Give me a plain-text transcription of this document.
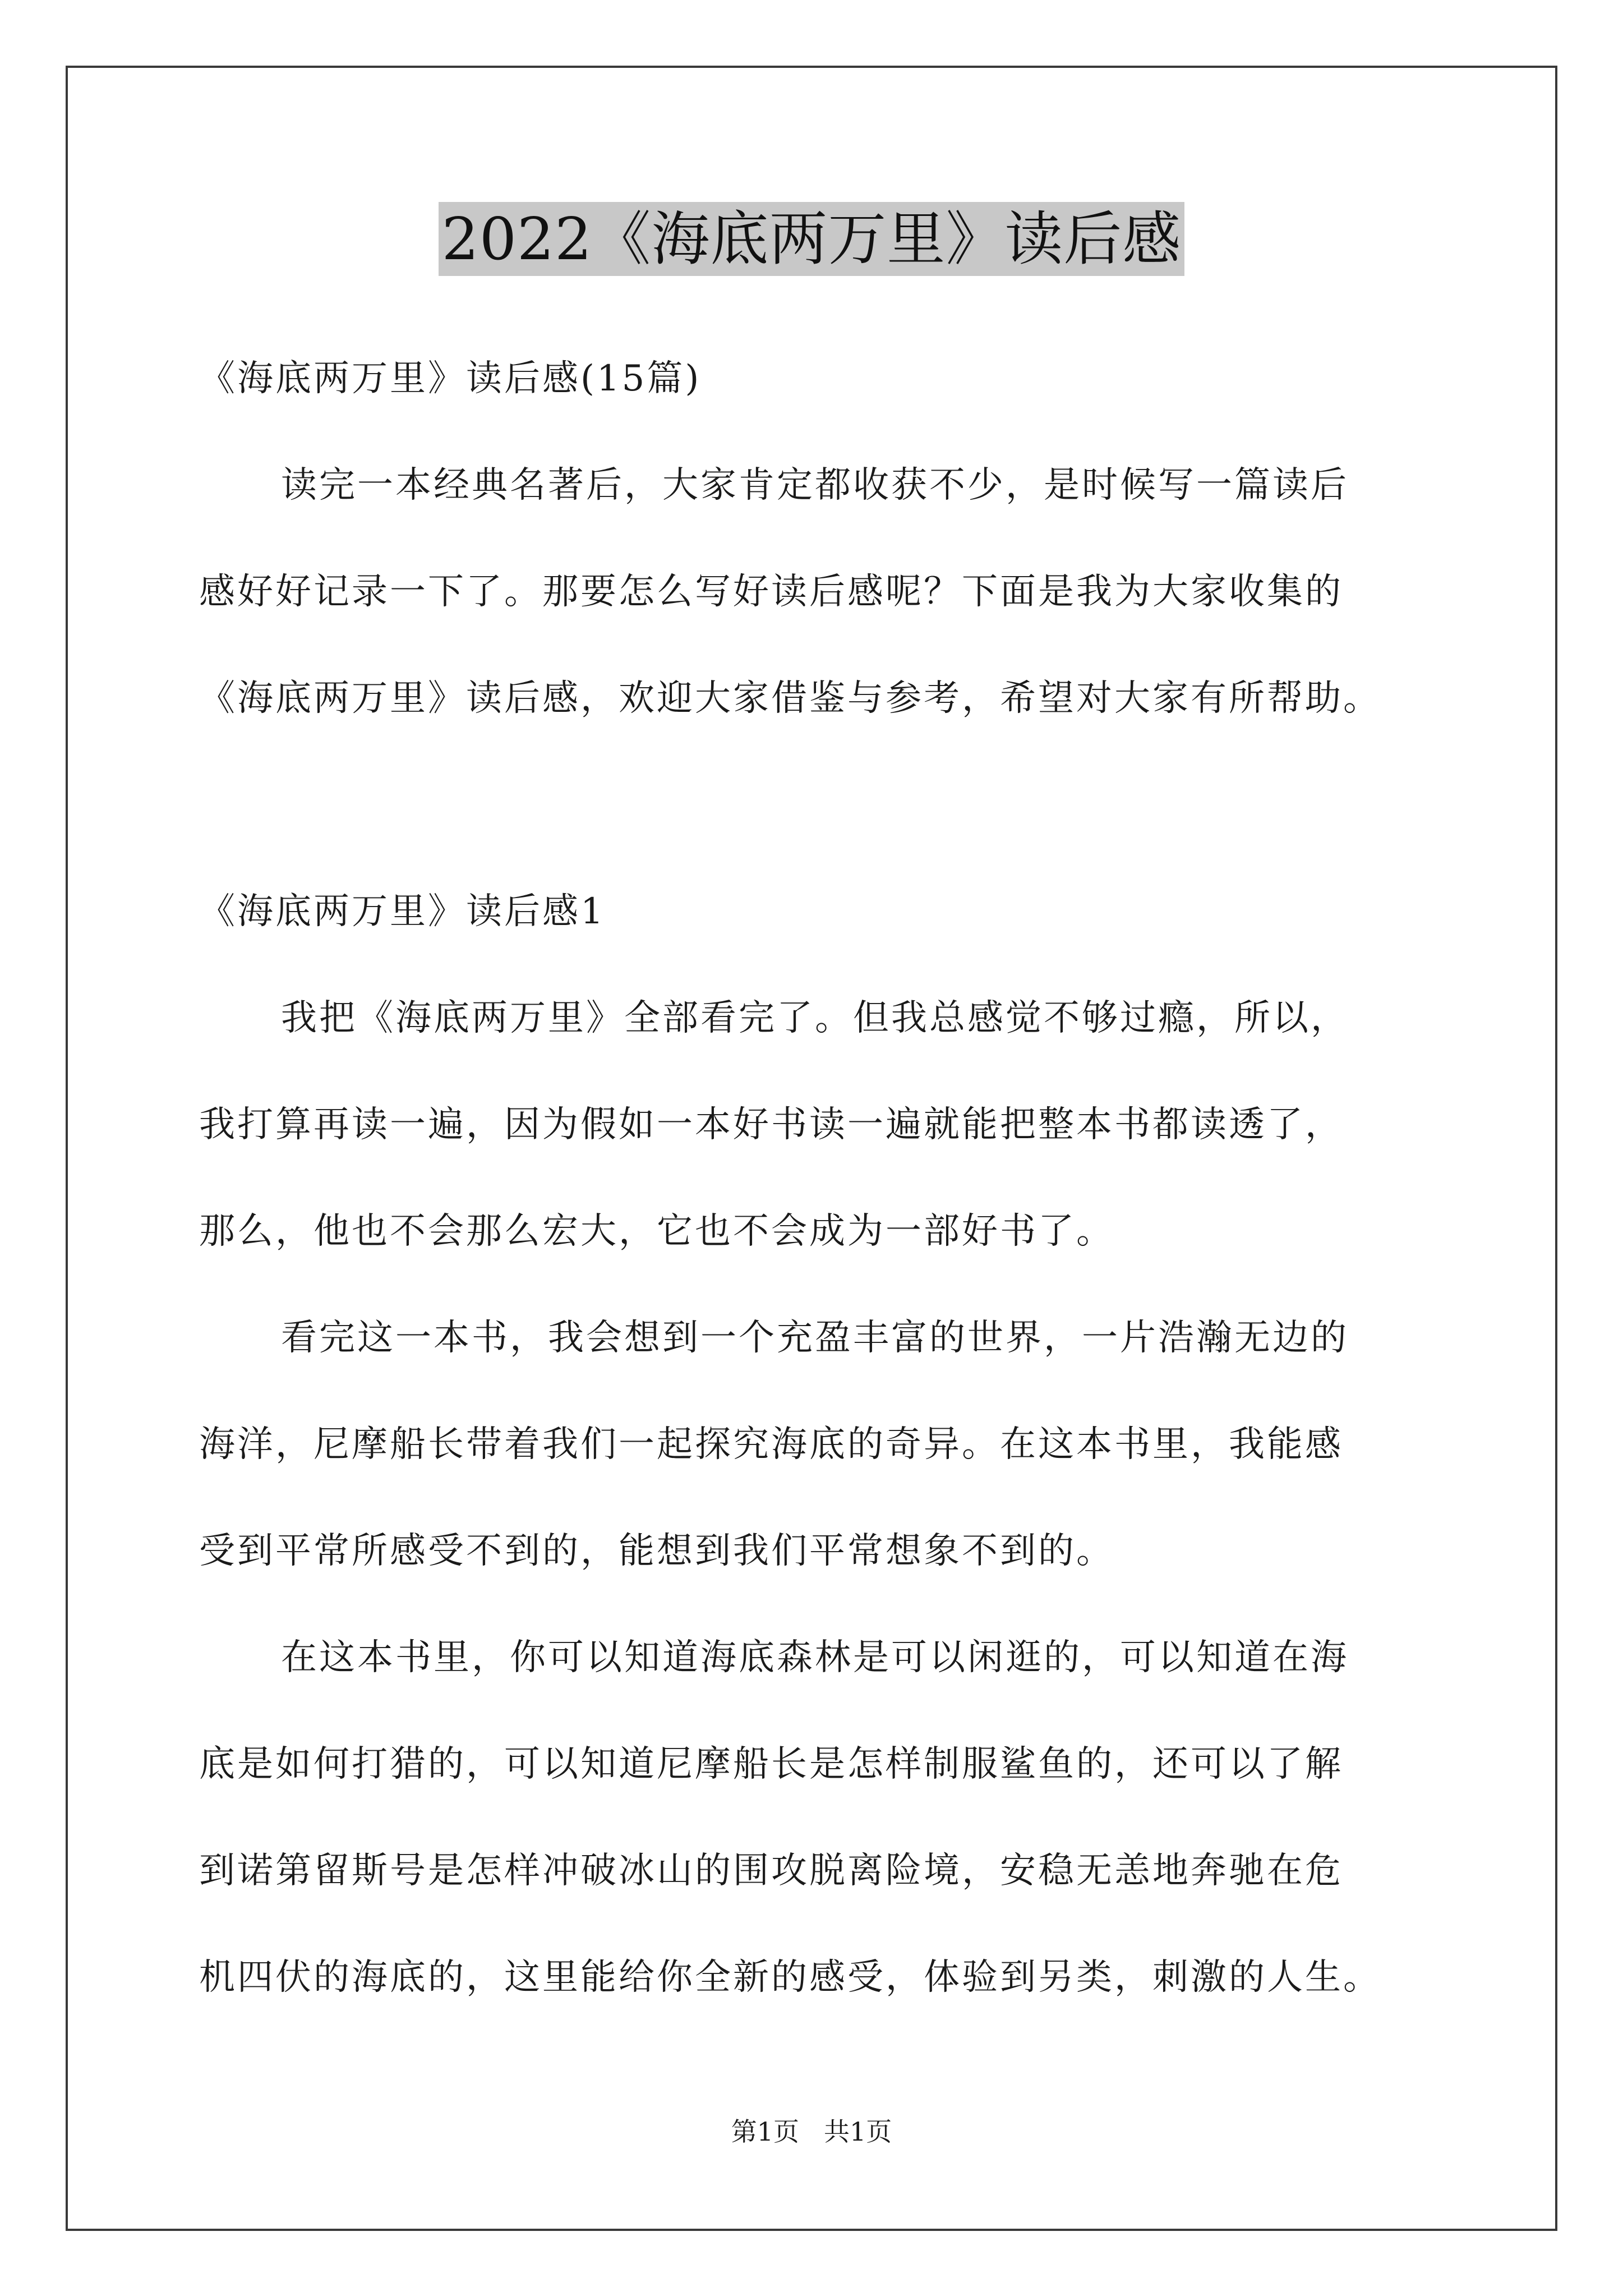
2022《海底两万里》读后感
《海底两万里》读后感(15篇)
读完一本经典名著后，大家肯定都收获不少，是时候写一篇读后
感好好记录一下了。那要怎么写好读后感呢？下面是我为大家收集的
《海底两万里》读后感，欢迎大家借鉴与参考，希望对大家有所帮助。
《海底两万里》读后感1
我把《海底两万里》全部看完了。但我总感觉不够过瘾，所以，
我打算再读一遍，因为假如一本好书读一遍就能把整本书都读透了，
那么，他也不会那么宏大，它也不会成为一部好书了。
看完这一本书，我会想到一个充盈丰富的世界，一片浩瀚无边的
海洋，尼摩船长带着我们一起探究海底的奇异。在这本书里，我能感
受到平常所感受不到的，能想到我们平常想象不到的。
在这本书里，你可以知道海底森林是可以闲逛的，可以知道在海
底是如何打猎的，可以知道尼摩船长是怎样制服鲨鱼的，还可以了解
到诺第留斯号是怎样冲破冰山的围攻脱离险境，安稳无恙地奔驰在危
机四伏的海底的，这里能给你全新的感受，体验到另类，刺激的人生。
第1页 共1页
